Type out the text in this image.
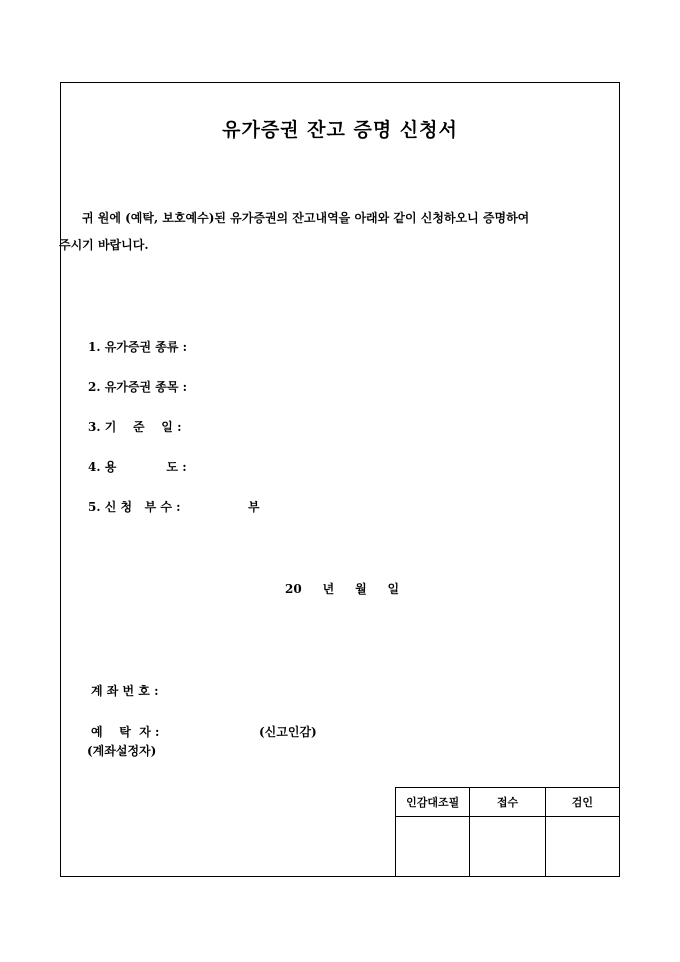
유가증권 잔고 증명 신청서
귀 원에 (예탁, 보호예수)된 유가증권의 잔고내역을 아래와 같이 신청하오니 증명하여
주시기 바랍니다.
1. 유가증권 종류 :
2. 유가증권 종목 :
3. 기    준    일 :
4. 용            도 :
5. 신 청   부 수 :	부
20     년     월     일
계 좌 번 호 :
예    탁  자 :	(신고인감)
(계좌설정자)
인감대조필	접수	검인
